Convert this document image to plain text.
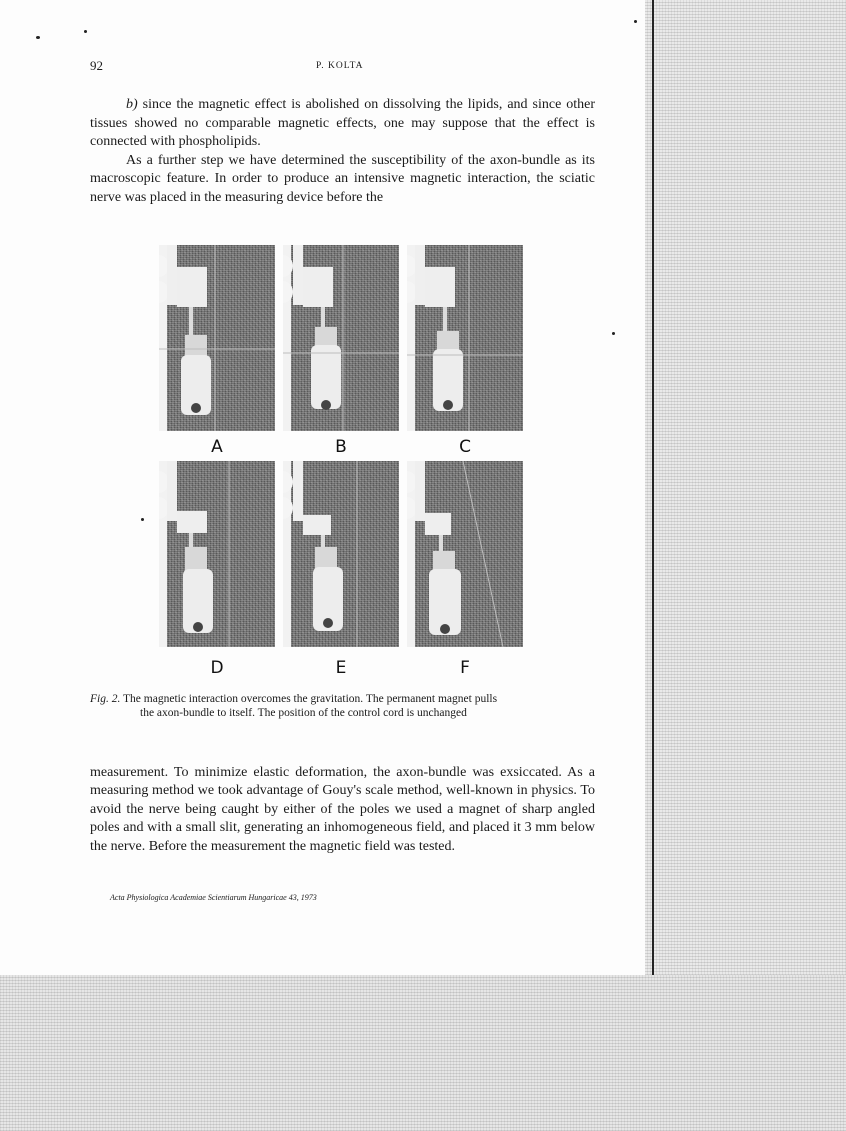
92	P. KOLTA

b) since the magnetic effect is abolished on dissolving the lipids, and since other tissues showed no comparable magnetic effects, one may suppose that the effect is connected with phospholipids.

As a further step we have determined the susceptibility of the axon-bundle as its macroscopic feature. In order to produce an intensive magnetic interaction, the sciatic nerve was placed in the measuring device before the

A	B	C
D	E	F
Fig. 2. The magnetic interaction overcomes the gravitation. The permanent magnet pulls
the axon-bundle to itself. The position of the control cord is unchanged

measurement. To minimize elastic deformation, the axon-bundle was exsiccated. As a measuring method we took advantage of Gouy's scale method, well-known in physics. To avoid the nerve being caught by either of the poles we used a magnet of sharp angled poles and with a small slit, generating an inhomogeneous field, and placed it 3 mm below the nerve. Before the measurement the magnetic field was tested.

Acta Physiologica Academiae Scientiarum Hungaricae 43, 1973
